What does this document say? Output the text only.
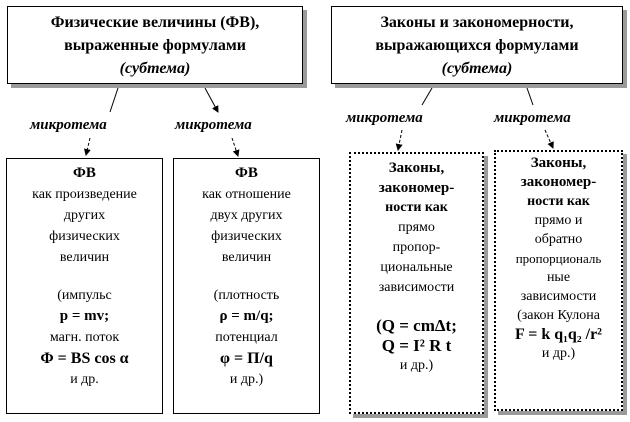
Физические величины (ФВ),
выраженные формулами
(субтема)
Законы и закономерности,
выражающихся формулами
(субтема)
микротема	микротема	микротема	микротема
ФВ
как произведение
других
физических
величин
(импульс
p = mv;
магн. поток
Φ = BS cos α
и др.
ФВ
как отношение
двух других
физических
величин
(плотность
ρ = m/q;
потенциал
φ = П/q
и др.)
Законы,
закономер-
ности как
прямо
пропор-
циональные
зависимости
(Q = cmΔt;
Q = I² R t
и др.)
Законы,
закономер-
ности как
прямо и
обратно
пропорциональ
ные
зависимости
(закон Кулона
F = k q₁q₂ /r²
и др.)
